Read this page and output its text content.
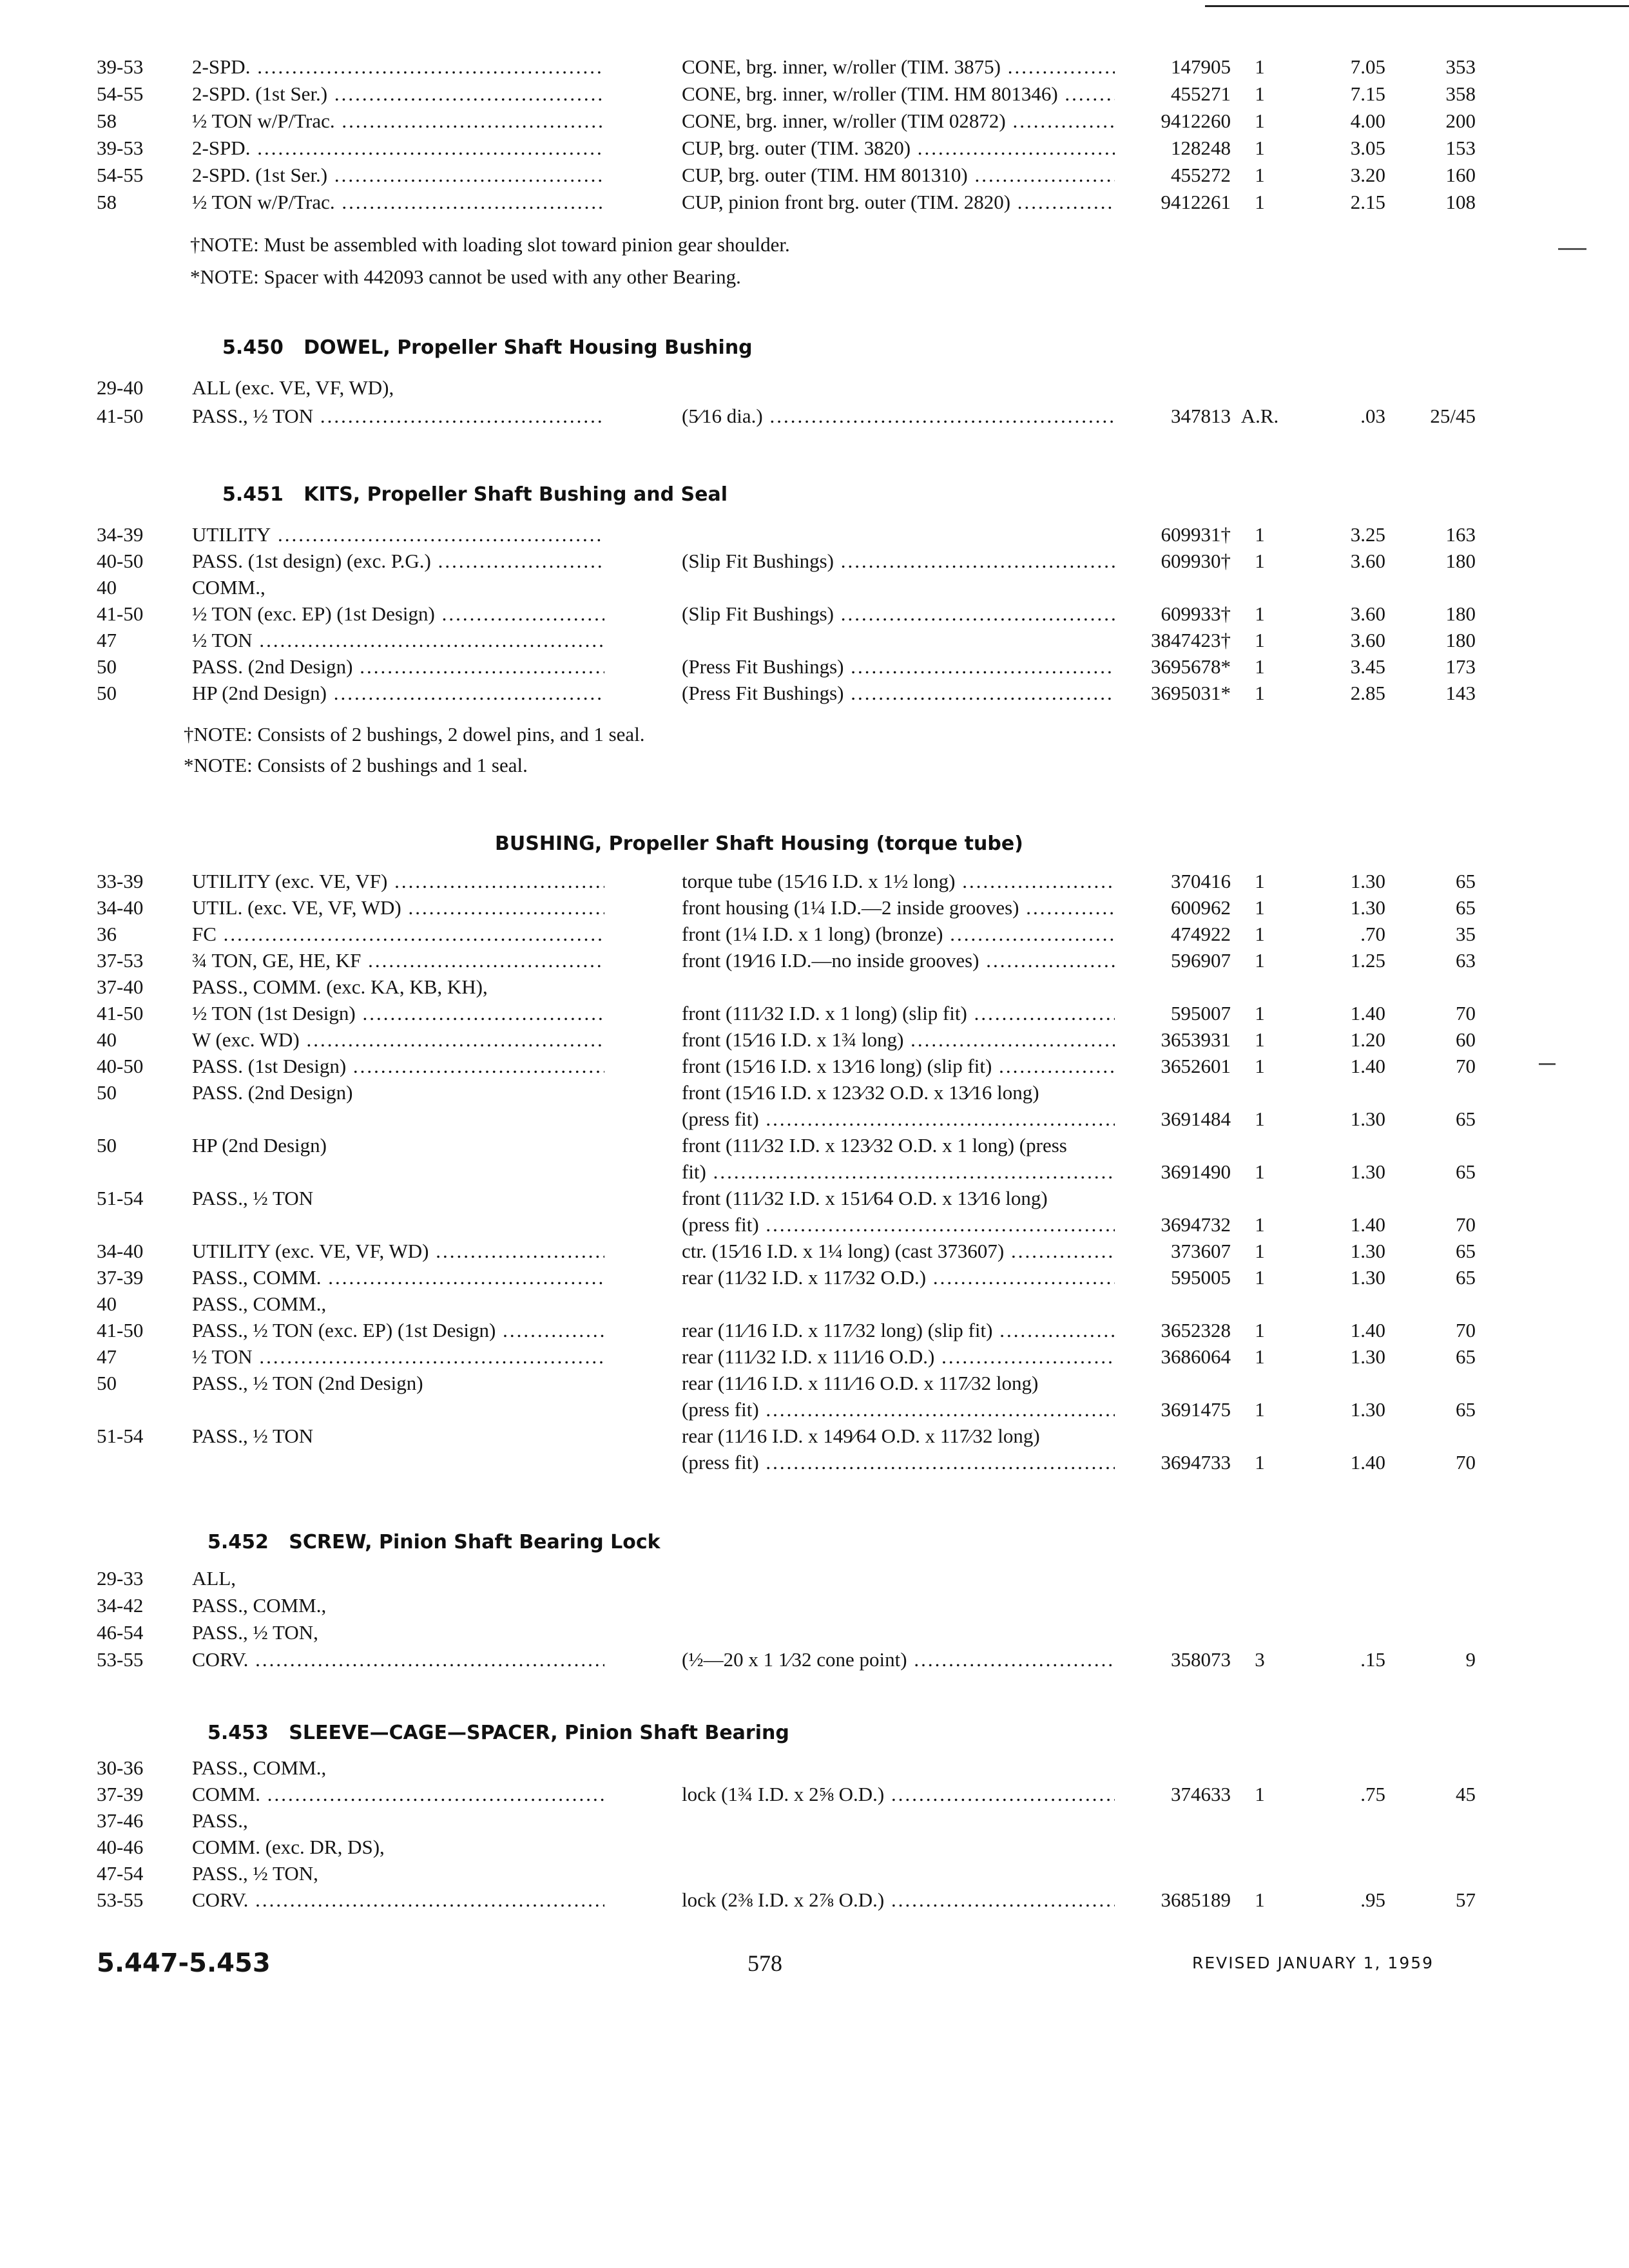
5.450 DOWEL, Propeller Shaft Housing Bushing
5.451 KITS, Propeller Shaft Bushing and Seal
BUSHING, Propeller Shaft Housing (torque tube)
5.452 SCREW, Pinion Shaft Bearing Lock
5.453 SLEEVE—CAGE—SPACER, Pinion Shaft Bearing
†NOTE: Must be assembled with loading slot toward pinion gear shoulder.
*NOTE: Spacer with 442093 cannot be used with any other Bearing.
†NOTE: Consists of 2 bushings, 2 dowel pins, and 1 seal.
*NOTE: Consists of 2 bushings and 1 seal.
5.447-5.453	578	REVISED JANUARY 1, 1959
39-53	2-SPD. .....	CONE, brg. inner, w/roller (TIM. 3875) .....	147905	1	7.05	353
54-55	2-SPD. (1st Ser.) .....	CONE, brg. inner, w/roller (TIM. HM 801346) .....	455271	1	7.15	358
58	½ TON w/P/Trac. .....	CONE, brg. inner, w/roller (TIM 02872) .....	9412260	1	4.00	200
39-53	2-SPD. .....	CUP, brg. outer (TIM. 3820) .....	128248	1	3.05	153
54-55	2-SPD. (1st Ser.) .....	CUP, brg. outer (TIM. HM 801310) .....	455272	1	3.20	160
58	½ TON w/P/Trac. .....	CUP, pinion front brg. outer (TIM. 2820) .....	9412261	1	2.15	108
29-40	ALL (exc. VE, VF, WD),
41-50	PASS., ½ TON .....	(5⁄16 dia.) .....	347813 A.R.	.03	25/45
34-39	UTILITY .....	609931†	1	3.25	163
40-50	PASS. (1st design) (exc. P.G.) .....	(Slip Fit Bushings) .....	609930†	1	3.60	180
40	COMM.,
41-50	½ TON (exc. EP) (1st Design) .....	(Slip Fit Bushings) .....	609933†	1	3.60	180
47	½ TON .....	3847423†	1	3.60	180
50	PASS. (2nd Design) .....	(Press Fit Bushings) .....	3695678*	1	3.45	173
50	HP (2nd Design) .....	(Press Fit Bushings) .....	3695031*	1	2.85	143
33-39	UTILITY (exc. VE, VF) .....	torque tube (15⁄16 I.D. x 1½ long) .....	370416	1	1.30	65
34-40	UTIL. (exc. VE, VF, WD) .....	front housing (1¼ I.D.—2 inside grooves) .....	600962	1	1.30	65
36	FC .....	front (1¼ I.D. x 1 long) (bronze) .....	474922	1	.70	35
37-53	¾ TON, GE, HE, KF .....	front (19⁄16 I.D.—no inside grooves) .....	596907	1	1.25	63
37-40	PASS., COMM. (exc. KA, KB, KH),
41-50	½ TON (1st Design) .....	front (111⁄32 I.D. x 1 long) (slip fit) .....	595007	1	1.40	70
40	W (exc. WD) .....	front (15⁄16 I.D. x 1¾ long) .....	3653931	1	1.20	60
40-50	PASS. (1st Design) .....	front (15⁄16 I.D. x 13⁄16 long) (slip fit) .....	3652601	1	1.40	70
50	PASS. (2nd Design)	front (15⁄16 I.D. x 123⁄32 O.D. x 13⁄16 long)
(press fit) .....	3691484	1	1.30	65
50	HP (2nd Design)	front (111⁄32 I.D. x 123⁄32 O.D. x 1 long) (press
fit) .....	3691490	1	1.30	65
51-54	PASS., ½ TON	front (111⁄32 I.D. x 151⁄64 O.D. x 13⁄16 long)
(press fit) .....	3694732	1	1.40	70
34-40	UTILITY (exc. VE, VF, WD) .....	ctr. (15⁄16 I.D. x 1¼ long) (cast 373607) .....	373607	1	1.30	65
37-39	PASS., COMM. .....	rear (11⁄32 I.D. x 117⁄32 O.D.) .....	595005	1	1.30	65
40	PASS., COMM.,
41-50	PASS., ½ TON (exc. EP) (1st Design) .....	rear (11⁄16 I.D. x 117⁄32 long) (slip fit) .....	3652328	1	1.40	70
47	½ TON .....	rear (111⁄32 I.D. x 111⁄16 O.D.) .....	3686064	1	1.30	65
50	PASS., ½ TON (2nd Design)	rear (11⁄16 I.D. x 111⁄16 O.D. x 117⁄32 long)
(press fit) .....	3691475	1	1.30	65
51-54	PASS., ½ TON	rear (11⁄16 I.D. x 149⁄64 O.D. x 117⁄32 long)
(press fit) .....	3694733	1	1.40	70
29-33	ALL,
34-42	PASS., COMM.,
46-54	PASS., ½ TON,
53-55	CORV. .....	(½—20 x 1 1⁄32 cone point) .....	358073	3	.15	9
30-36	PASS., COMM.,
37-39	COMM. .....	lock (1¾ I.D. x 2⅝ O.D.) .....	374633	1	.75	45
37-46	PASS.,
40-46	COMM. (exc. DR, DS),
47-54	PASS., ½ TON,
53-55	CORV. .....	lock (2⅜ I.D. x 2⅞ O.D.) .....	3685189	1	.95	57
